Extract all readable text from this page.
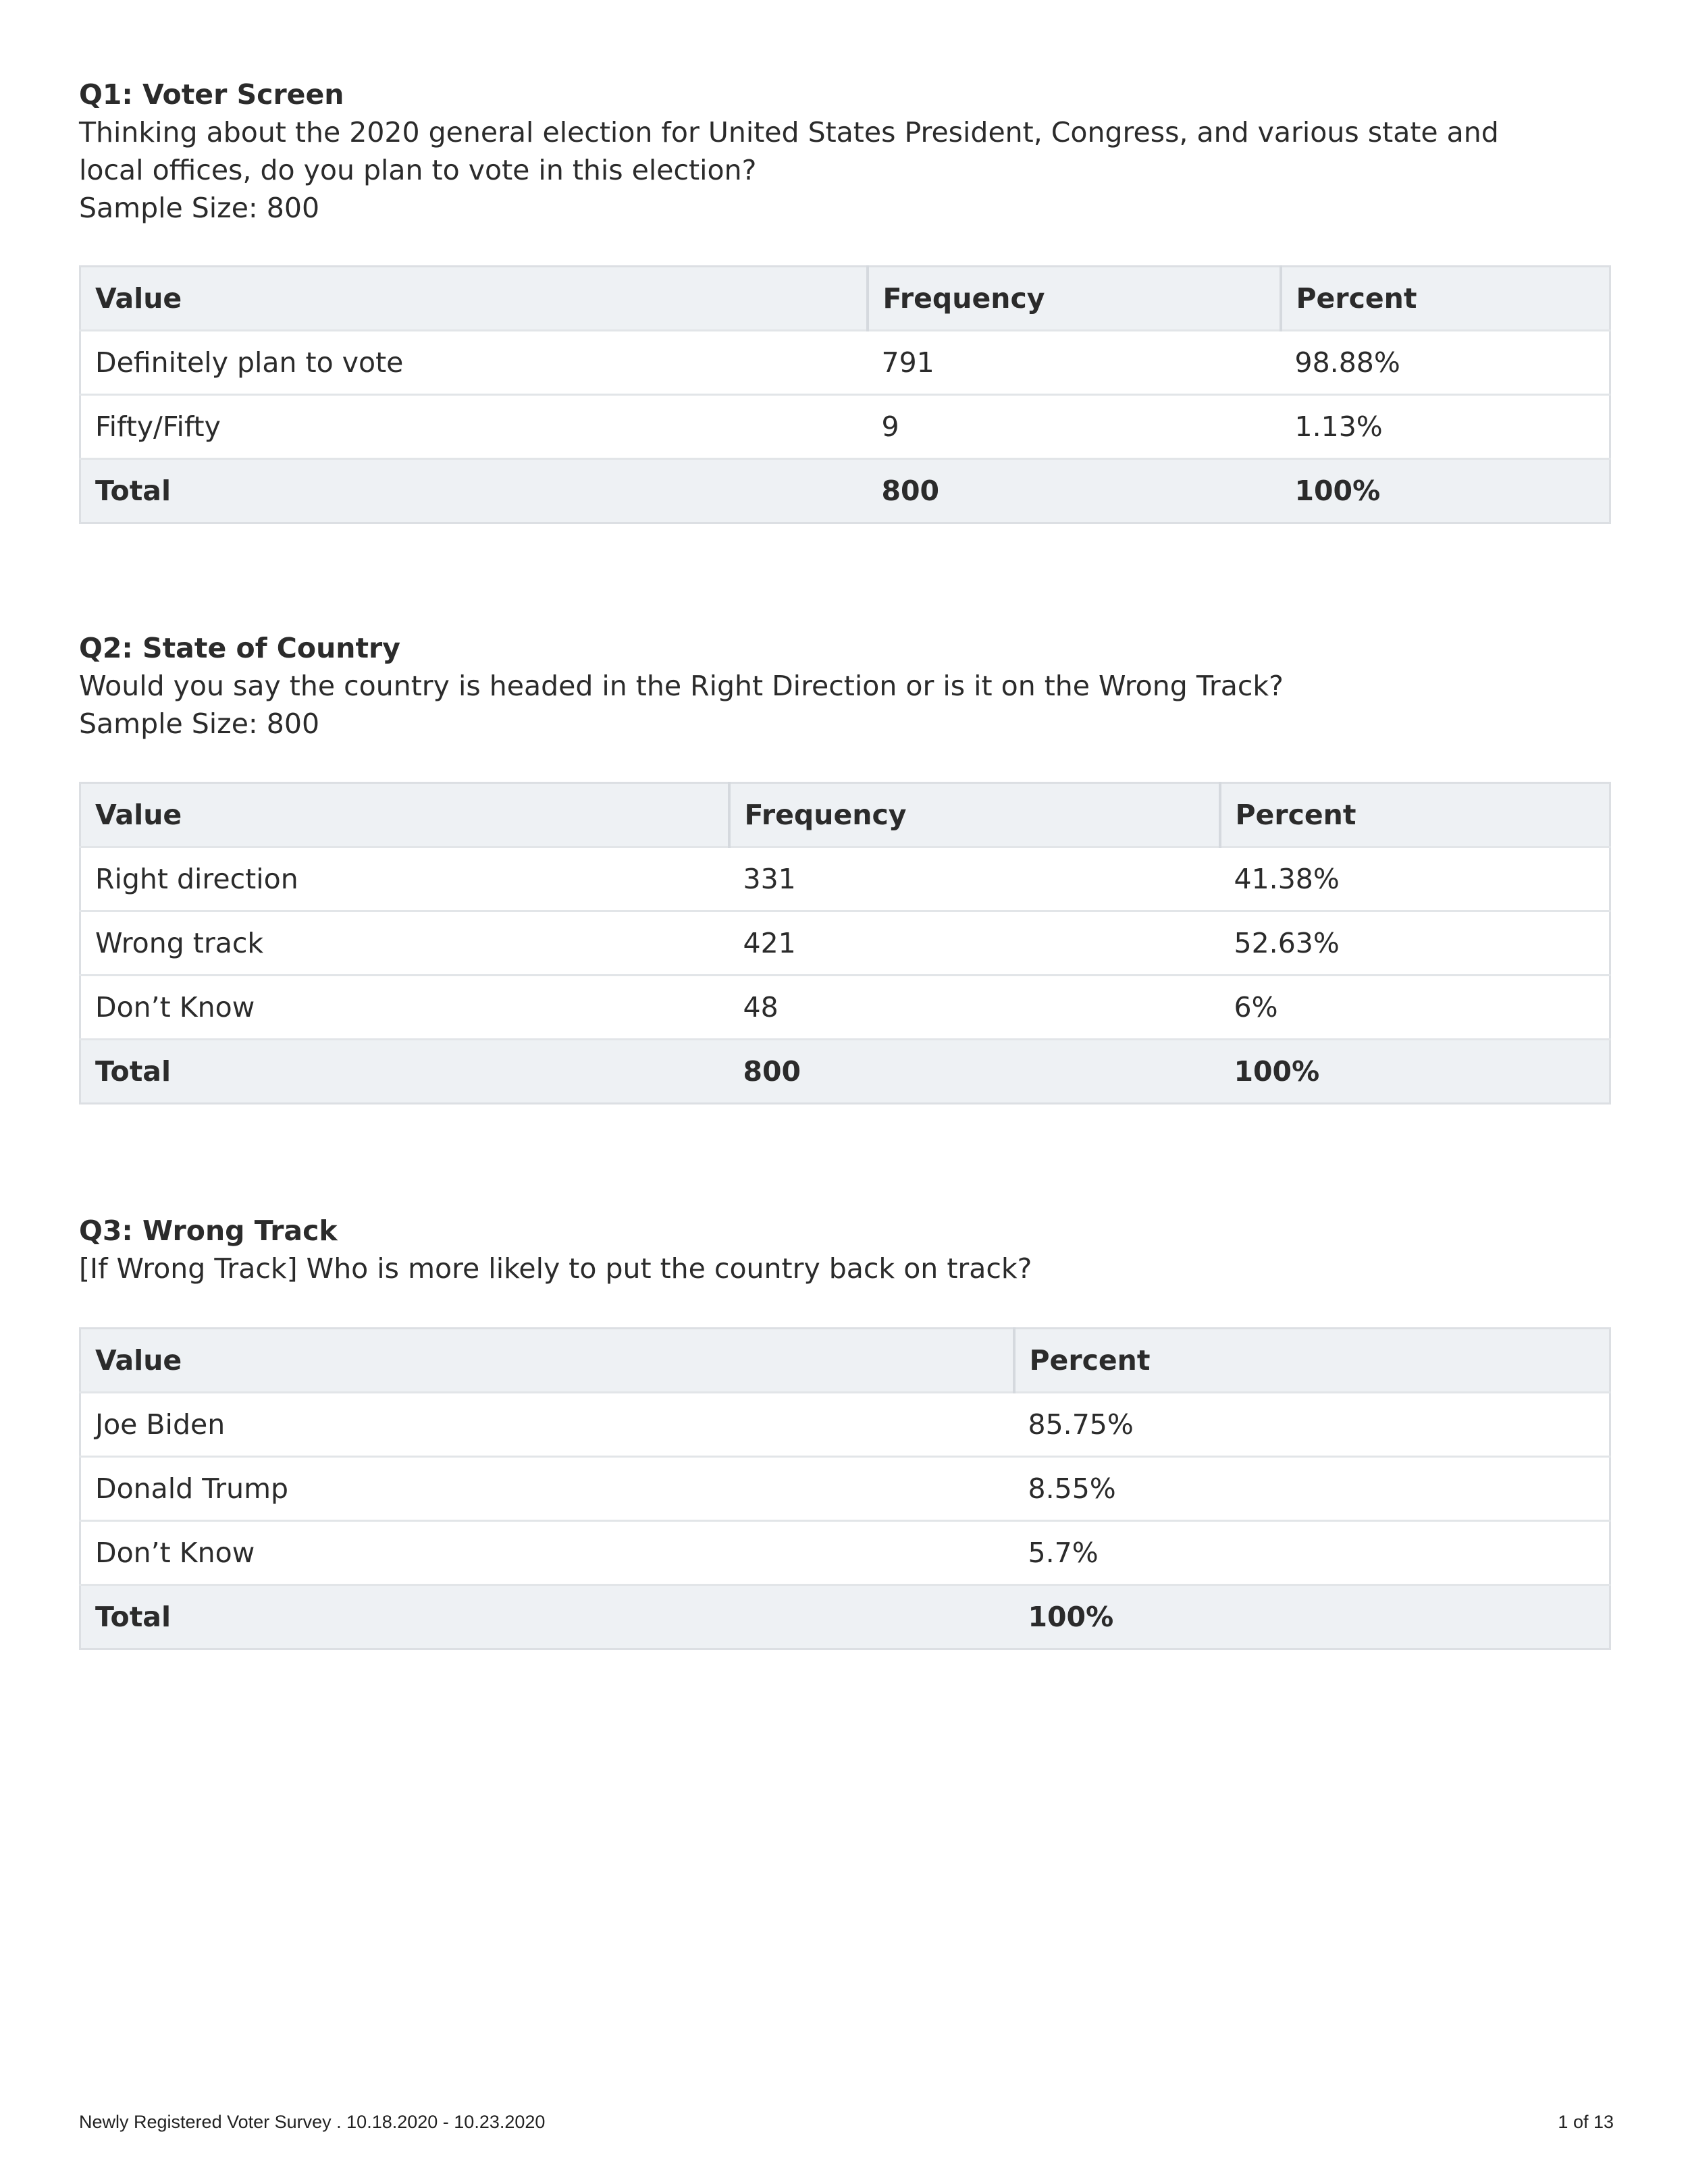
Q1: Voter Screen
Thinking about the 2020 general election for United States President, Congress, and various state and local offices, do you plan to vote in this election?
Sample Size: 800
Value	Frequency	Percent
Definitely plan to vote	791	98.88%
Fifty/Fifty	9	1.13%
Total	800	100%
Q2: State of Country
Would you say the country is headed in the Right Direction or is it on the Wrong Track?
Sample Size: 800
Value	Frequency	Percent
Right direction	331	41.38%
Wrong track	421	52.63%
Don’t Know	48	6%
Total	800	100%
Q3: Wrong Track
[If Wrong Track] Who is more likely to put the country back on track?
Value	Percent
Joe Biden	85.75%
Donald Trump	8.55%
Don’t Know	5.7%
Total	100%
Newly Registered Voter Survey . 10.18.2020 - 10.23.2020	1 of 13
